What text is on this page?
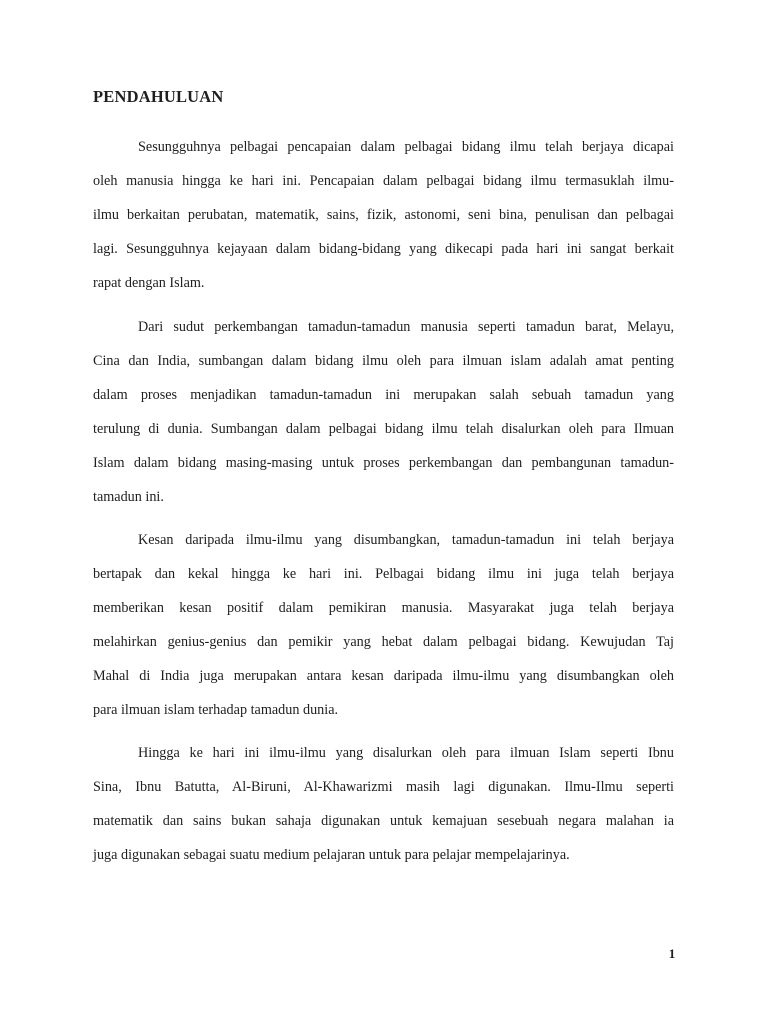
PENDAHULUAN
Sesungguhnya pelbagai pencapaian dalam pelbagai bidang ilmu telah berjaya dicapai
oleh manusia hingga ke hari ini. Pencapaian dalam pelbagai bidang ilmu termasuklah ilmu-
ilmu berkaitan perubatan, matematik, sains, fizik, astonomi, seni bina, penulisan dan pelbagai
lagi. Sesungguhnya kejayaan dalam bidang-bidang yang dikecapi pada hari ini sangat berkait
rapat dengan Islam.
Dari sudut perkembangan tamadun-tamadun manusia seperti tamadun barat, Melayu,
Cina dan India, sumbangan dalam bidang ilmu oleh para ilmuan islam adalah amat penting
dalam proses menjadikan tamadun-tamadun ini merupakan salah sebuah tamadun yang
terulung di dunia. Sumbangan dalam pelbagai bidang ilmu telah disalurkan oleh para Ilmuan
Islam dalam bidang masing-masing untuk proses perkembangan dan pembangunan tamadun-
tamadun ini.
Kesan daripada ilmu-ilmu yang disumbangkan, tamadun-tamadun ini telah berjaya
bertapak dan kekal hingga ke hari ini. Pelbagai bidang ilmu ini juga telah berjaya
memberikan kesan positif dalam pemikiran manusia. Masyarakat juga telah berjaya
melahirkan genius-genius dan pemikir yang hebat dalam pelbagai bidang. Kewujudan Taj
Mahal di India juga merupakan antara kesan daripada ilmu-ilmu yang disumbangkan oleh
para ilmuan islam terhadap tamadun dunia.
Hingga ke hari ini ilmu-ilmu yang disalurkan oleh para ilmuan Islam seperti Ibnu
Sina, Ibnu Batutta, Al-Biruni, Al-Khawarizmi masih lagi digunakan. Ilmu-Ilmu seperti
matematik dan sains bukan sahaja digunakan untuk kemajuan sesebuah negara malahan ia
juga digunakan sebagai suatu medium pelajaran untuk para pelajar mempelajarinya.
1
